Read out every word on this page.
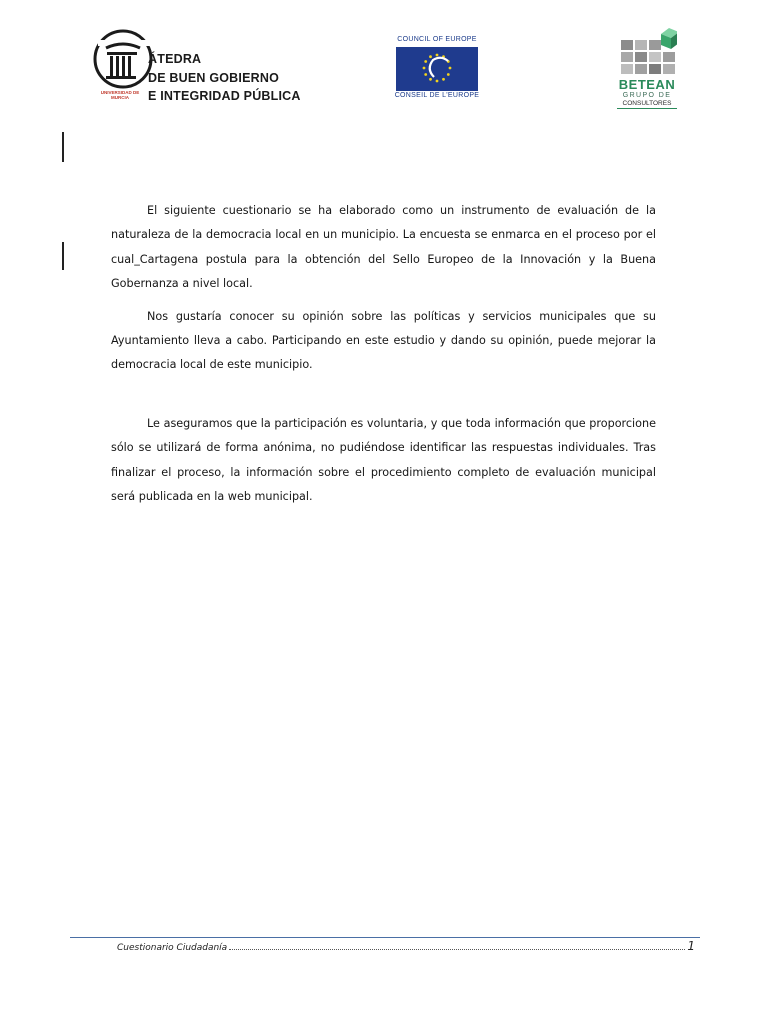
UNIVERSIDAD DE MURCIA
ÁTEDRA
DE BUEN GOBIERNO
E INTEGRIDAD PÚBLICA
COUNCIL OF EUROPE
CONSEIL DE L'EUROPE
BETEAN
GRUPO DE
CONSULTORES

El siguiente cuestionario se ha elaborado como un instrumento de evaluación de la naturaleza de la democracia local en un municipio. La encuesta se enmarca en el proceso por el cual_Cartagena postula para la obtención del Sello Europeo de la Innovación y la Buena Gobernanza a nivel local.

Nos gustaría conocer su opinión sobre las políticas y servicios municipales que su Ayuntamiento lleva a cabo. Participando en este estudio y dando su opinión, puede mejorar la democracia local de este municipio.

Le aseguramos que la participación es voluntaria, y que toda información que proporcione sólo se utilizará de forma anónima, no pudiéndose identificar las respuestas individuales. Tras finalizar el proceso, la información sobre el procedimiento completo de evaluación municipal será publicada en la web municipal.

Cuestionario Ciudadanía	1
